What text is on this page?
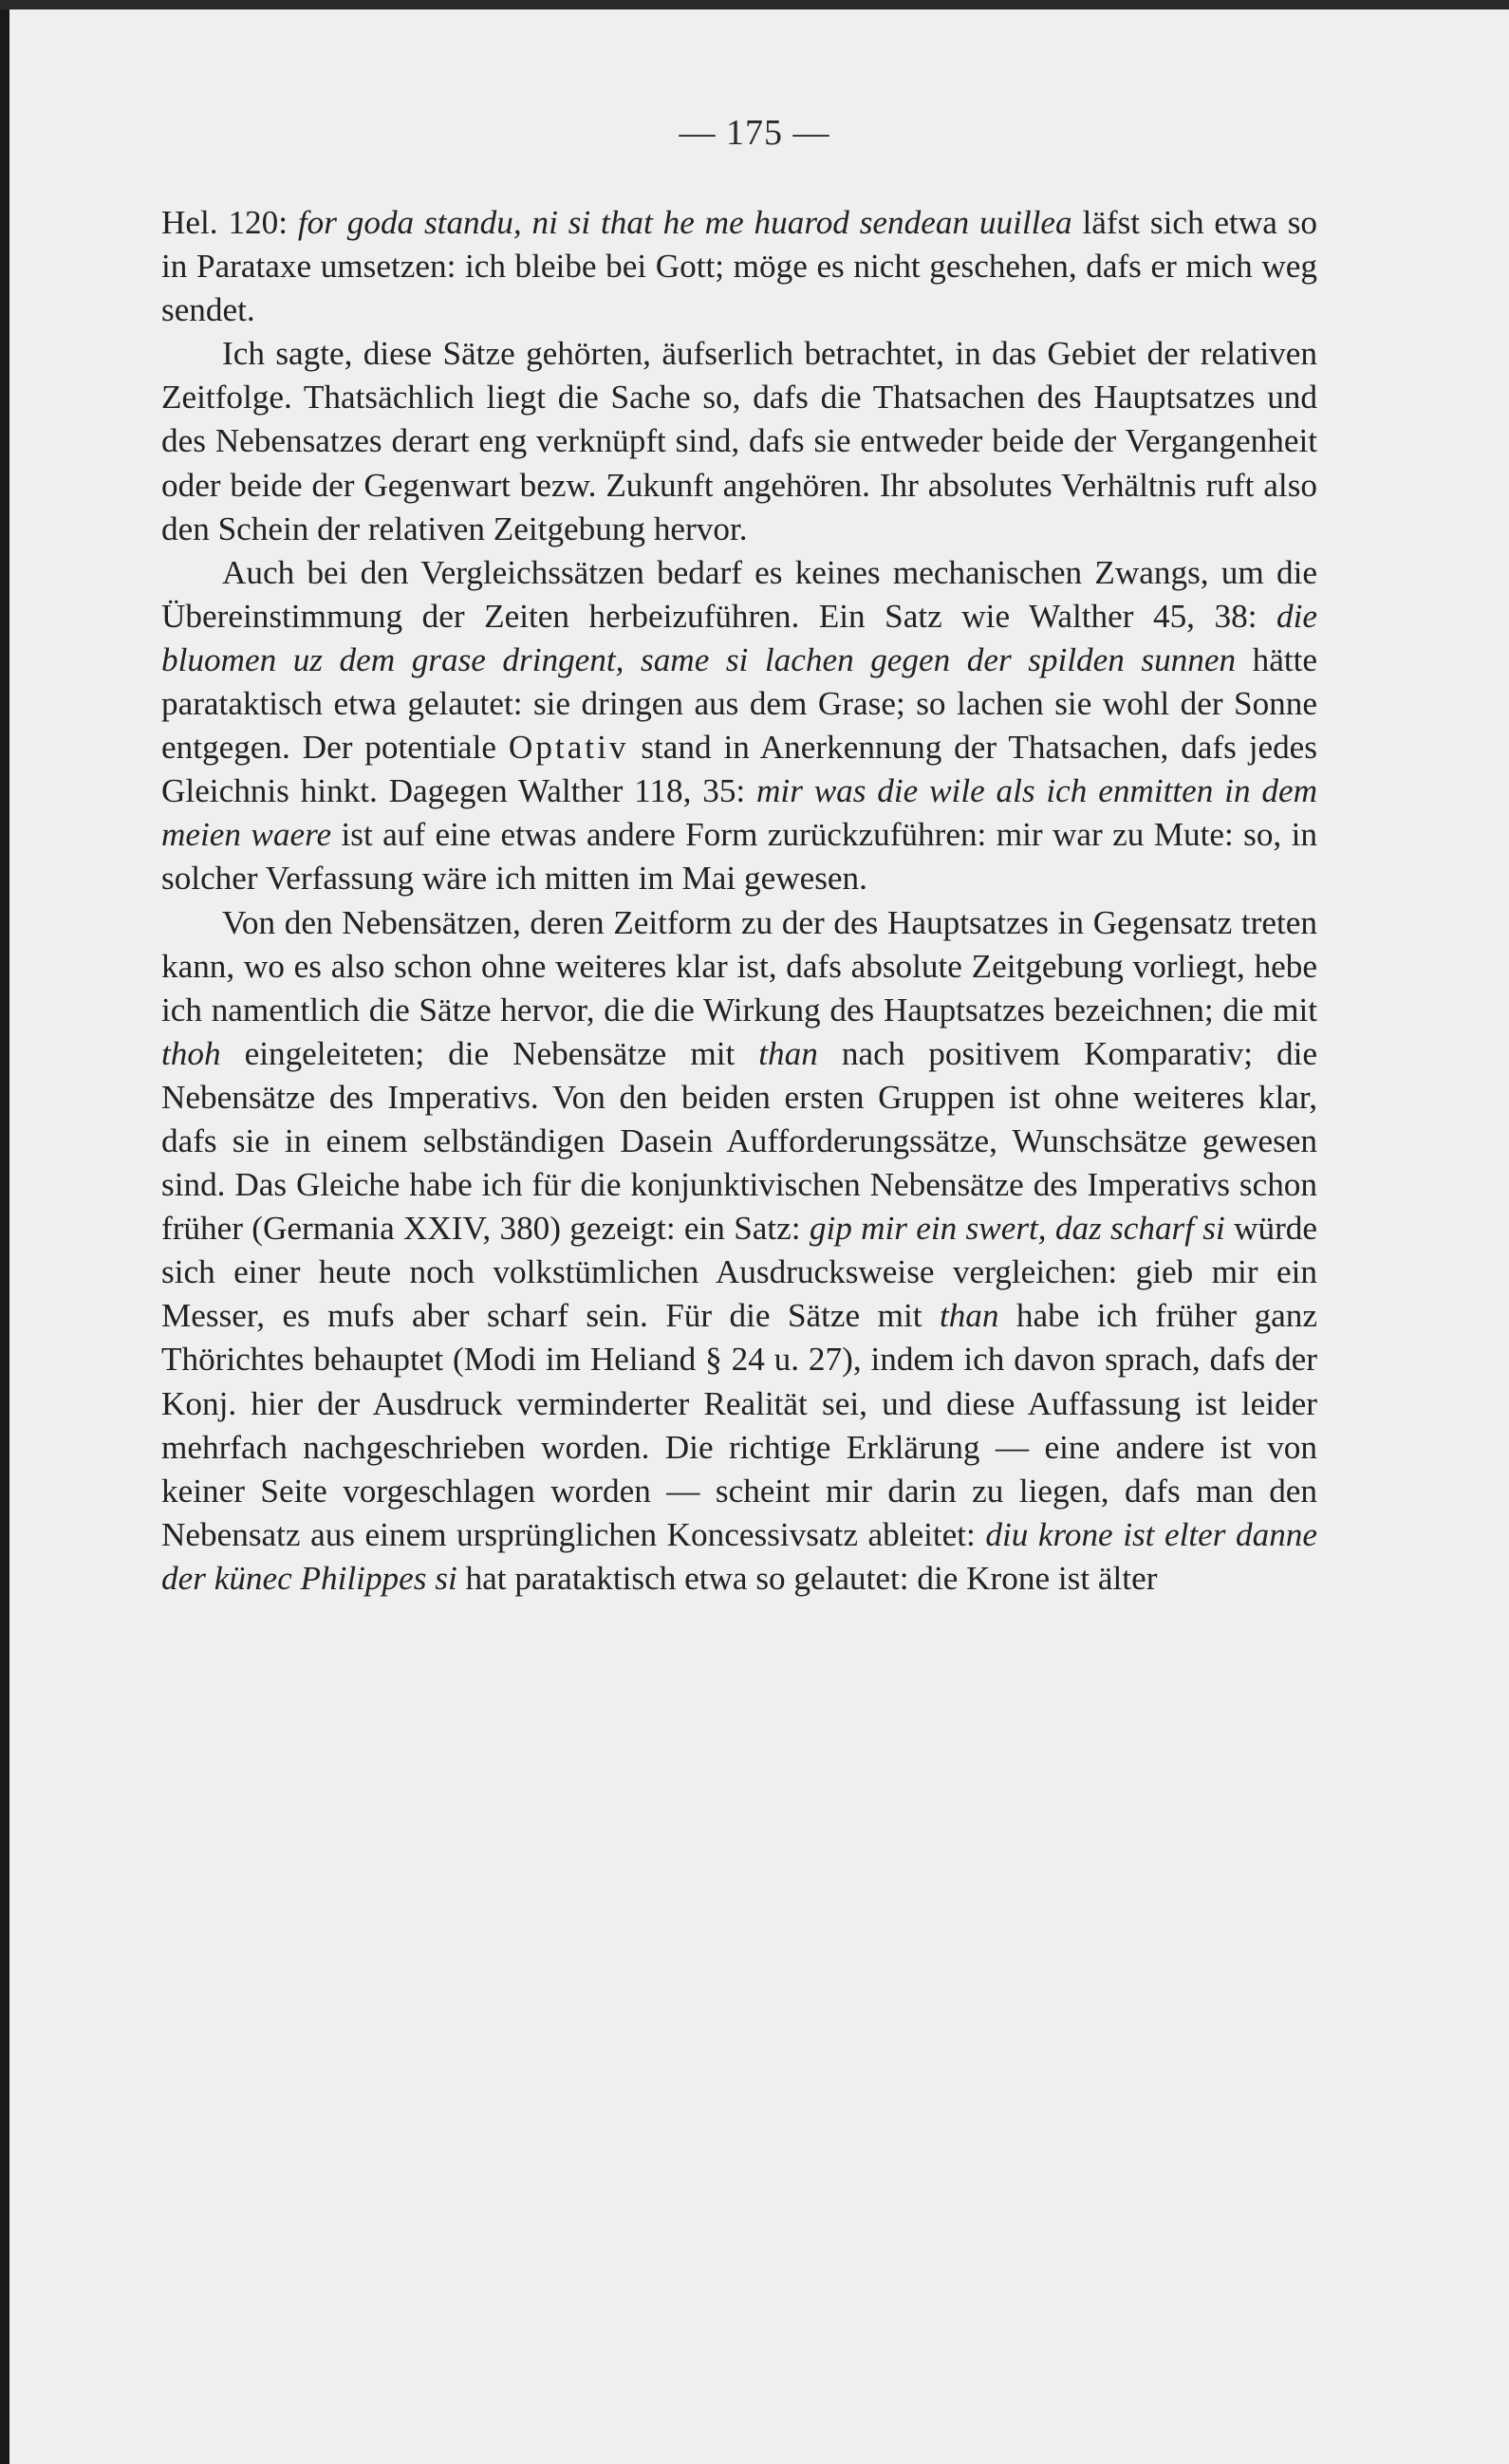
— 175 —

Hel. 120: for goda standu, ni si that he me huarod sendean uuillea läfst sich etwa so in Parataxe umsetzen: ich bleibe bei Gott; möge es nicht geschehen, dafs er mich weg sendet.

Ich sagte, diese Sätze gehörten, äufserlich betrachtet, in das Gebiet der relativen Zeitfolge. Thatsächlich liegt die Sache so, dafs die Thatsachen des Hauptsatzes und des Nebensatzes derart eng verknüpft sind, dafs sie entweder beide der Vergangenheit oder beide der Gegenwart bezw. Zukunft angehören. Ihr absolutes Verhältnis ruft also den Schein der relativen Zeitgebung hervor.

Auch bei den Vergleichssätzen bedarf es keines mechanischen Zwangs, um die Übereinstimmung der Zeiten herbeizuführen. Ein Satz wie Walther 45, 38: die bluomen uz dem grase dringent, same si lachen gegen der spilden sunnen hätte parataktisch etwa gelautet: sie dringen aus dem Grase; so lachen sie wohl der Sonne entgegen. Der potentiale Optativ stand in Anerkennung der Thatsachen, dafs jedes Gleichnis hinkt. Dagegen Walther 118, 35: mir was die wile als ich enmitten in dem meien waere ist auf eine etwas andere Form zurückzuführen: mir war zu Mute: so, in solcher Verfassung wäre ich mitten im Mai gewesen.

Von den Nebensätzen, deren Zeitform zu der des Hauptsatzes in Gegensatz treten kann, wo es also schon ohne weiteres klar ist, dafs absolute Zeitgebung vorliegt, hebe ich namentlich die Sätze hervor, die die Wirkung des Hauptsatzes bezeichnen; die mit thoh eingeleiteten; die Nebensätze mit than nach positivem Komparativ; die Nebensätze des Imperativs. Von den beiden ersten Gruppen ist ohne weiteres klar, dafs sie in einem selbständigen Dasein Aufforderungssätze, Wunschsätze gewesen sind. Das Gleiche habe ich für die konjunktivischen Nebensätze des Imperativs schon früher (Germania XXIV, 380) gezeigt: ein Satz: gip mir ein swert, daz scharf si würde sich einer heute noch volkstümlichen Ausdrucksweise vergleichen: gieb mir ein Messer, es mufs aber scharf sein. Für die Sätze mit than habe ich früher ganz Thörichtes behauptet (Modi im Heliand § 24 u. 27), indem ich davon sprach, dafs der Konj. hier der Ausdruck verminderter Realität sei, und diese Auffassung ist leider mehrfach nachgeschrieben worden. Die richtige Erklärung — eine andere ist von keiner Seite vorgeschlagen worden — scheint mir darin zu liegen, dafs man den Nebensatz aus einem ursprünglichen Koncessivsatz ableitet: diu krone ist elter danne der künec Philippes si hat parataktisch etwa so gelautet: die Krone ist älter
